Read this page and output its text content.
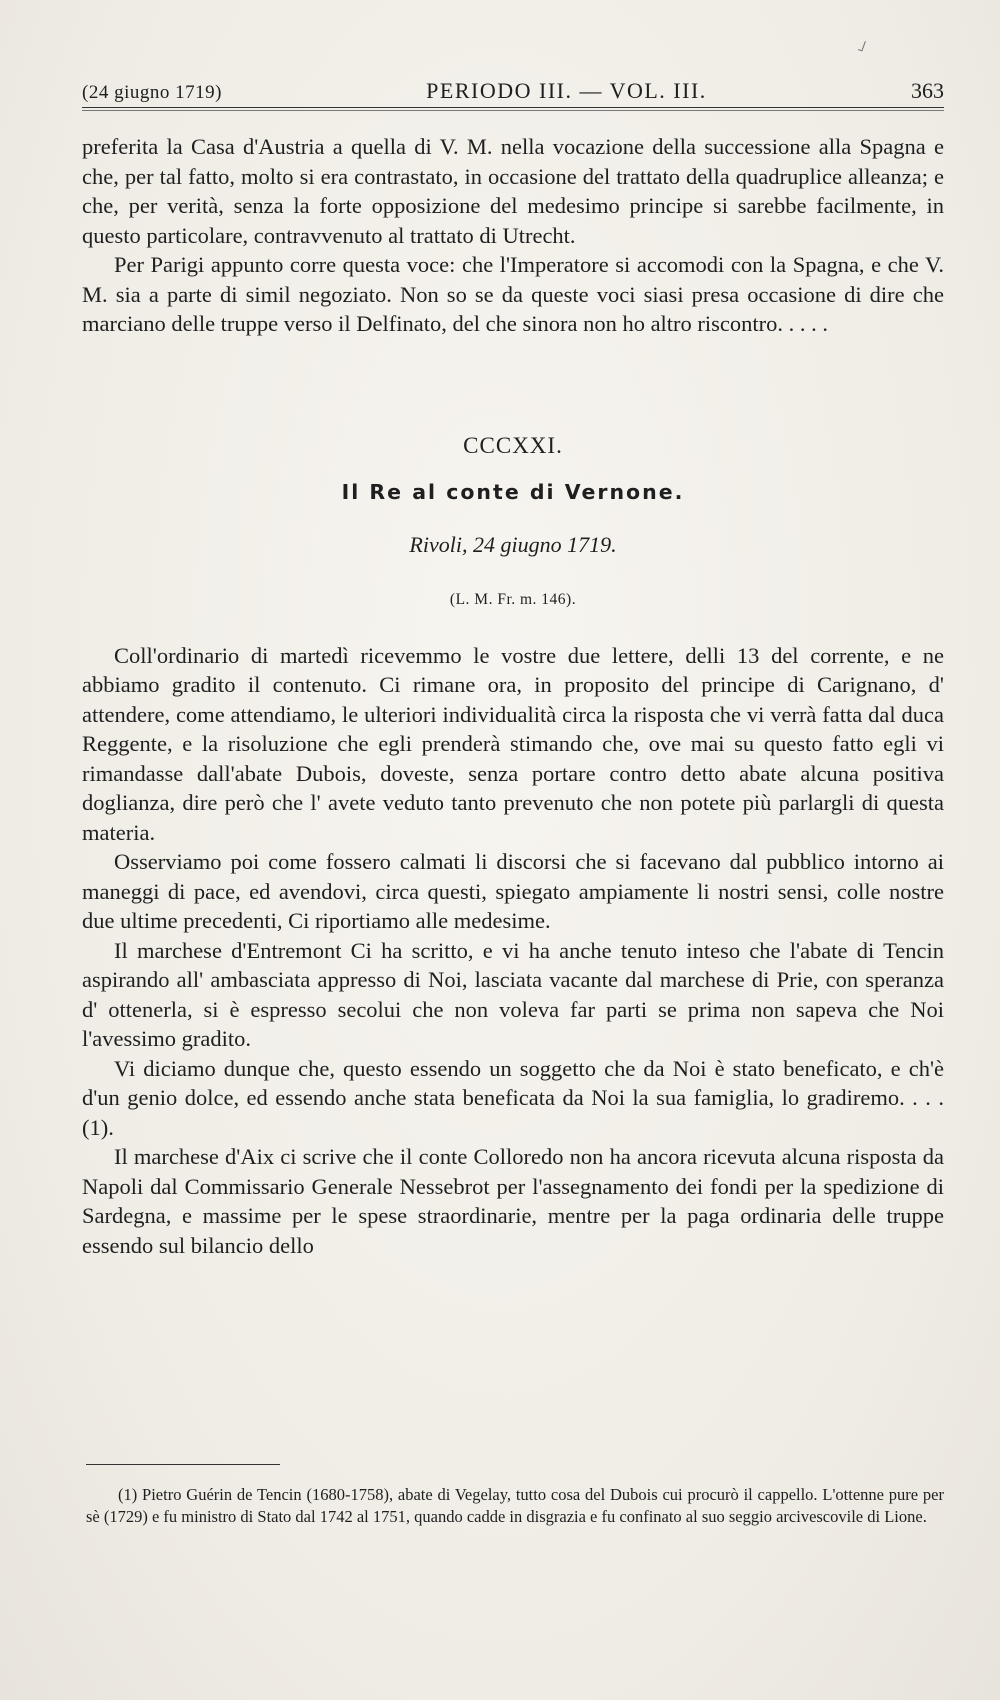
˩
(24 giugno 1719)	PERIODO III. — VOL. III.	363

preferita la Casa d'Austria a quella di V. M. nella vocazione della successione alla Spagna e che, per tal fatto, molto si era contrastato, in occasione del trattato della quadruplice alleanza; e che, per verità, senza la forte opposizione del medesimo principe si sarebbe facilmente, in questo particolare, contravvenuto al trattato di Utrecht.

Per Parigi appunto corre questa voce: che l'Imperatore si accomodi con la Spagna, e che V. M. sia a parte di simil negoziato. Non so se da queste voci siasi presa occasione di dire che marciano delle truppe verso il Delfinato, del che sinora non ho altro riscontro. . . . .

CCCXXI.
Il Re al conte di Vernone.
Rivoli, 24 giugno 1719.
(L. M. Fr. m. 146).

Coll'ordinario di martedì ricevemmo le vostre due lettere, delli 13 del corrente, e ne abbiamo gradito il contenuto. Ci rimane ora, in proposito del principe di Carignano, d' attendere, come attendiamo, le ulteriori individualità circa la risposta che vi verrà fatta dal duca Reggente, e la risoluzione che egli prenderà stimando che, ove mai su questo fatto egli vi rimandasse dall'abate Dubois, doveste, senza portare contro detto abate alcuna positiva doglianza, dire però che l' avete veduto tanto prevenuto che non potete più parlargli di questa materia.

Osserviamo poi come fossero calmati li discorsi che si facevano dal pubblico intorno ai maneggi di pace, ed avendovi, circa questi, spiegato ampiamente li nostri sensi, colle nostre due ultime precedenti, Ci riportiamo alle medesime.

Il marchese d'Entremont Ci ha scritto, e vi ha anche tenuto inteso che l'abate di Tencin aspirando all' ambasciata appresso di Noi, lasciata vacante dal marchese di Prie, con speranza d' ottenerla, si è espresso secolui che non voleva far parti se prima non sapeva che Noi l'avessimo gradito.

Vi diciamo dunque che, questo essendo un soggetto che da Noi è stato beneficato, e ch'è d'un genio dolce, ed essendo anche stata beneficata da Noi la sua famiglia, lo gradiremo. . . . (1).

Il marchese d'Aix ci scrive che il conte Colloredo non ha ancora ricevuta alcuna risposta da Napoli dal Commissario Generale Nessebrot per l'assegnamento dei fondi per la spedizione di Sardegna, e massime per le spese straordinarie, mentre per la paga ordinaria delle truppe essendo sul bilancio dello

(1) Pietro Guérin de Tencin (1680-1758), abate di Vegelay, tutto cosa del Dubois cui procurò il cappello. L'ottenne pure per sè (1729) e fu ministro di Stato dal 1742 al 1751, quando cadde in disgrazia e fu confinato al suo seggio arcivescovile di Lione.
